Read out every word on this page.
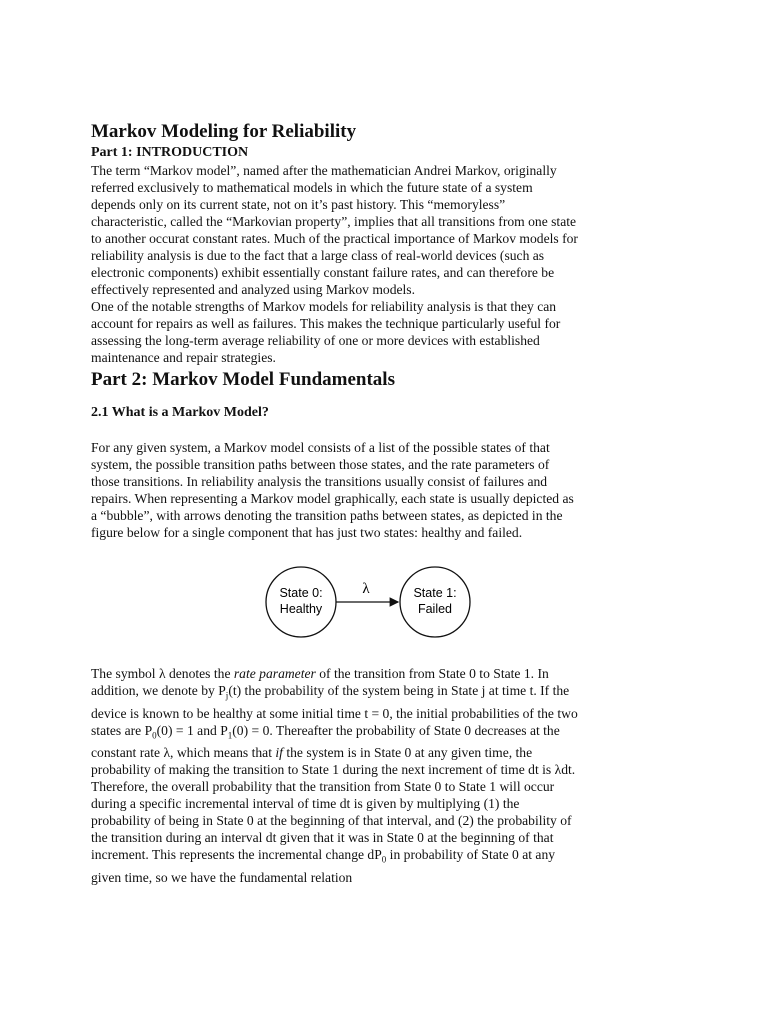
Markov Modeling for Reliability
Part 1: INTRODUCTION

The term “Markov model”, named after the mathematician Andrei Markov, originally

referred exclusively to mathematical models in which the future state of a system

depends only on its current state, not on it’s past history. This “memoryless”

characteristic, called the “Markovian property”, implies that all transitions from one state

to another occurat constant rates. Much of the practical importance of Markov models for

reliability analysis is due to the fact that a large class of real-world devices (such as

electronic components) exhibit essentially constant failure rates, and can therefore be

effectively represented and analyzed using Markov models.

One of the notable strengths of Markov models for reliability analysis is that they can

account for repairs as well as failures. This makes the technique particularly useful for

assessing the long-term average reliability of one or more devices with established

maintenance and repair strategies.

Part 2: Markov Model Fundamentals
2.1 What is a Markov Model?

For any given system, a Markov model consists of a list of the possible states of that

system, the possible transition paths between those states, and the rate parameters of

those transitions. In reliability analysis the transitions usually consist of failures and

repairs. When representing a Markov model graphically, each state is usually depicted as

a “bubble”, with arrows denoting the transition paths between states, as depicted in the

figure below for a single component that has just two states: healthy and failed.

State 0:
Healthy
λ	State 1:
Failed

The symbol λ denotes the rate parameter of the transition from State 0 to State 1. In

addition, we denote by $P_j(t)$ the probability of the system being in State j at time t. If the

device is known to be healthy at some initial time t = 0, the initial probabilities of the two

states are $P_0(0) = 1$ and $P_1(0) = 0$. Thereafter the probability of State 0 decreases at the

constant rate λ, which means that if the system is in State 0 at any given time, the

probability of making the transition to State 1 during the next increment of time dt is λdt.

Therefore, the overall probability that the transition from State 0 to State 1 will occur

during a specific incremental interval of time dt is given by multiplying (1) the

probability of being in State 0 at the beginning of that interval, and (2) the probability of

the transition during an interval dt given that it was in State 0 at the beginning of that

increment. This represents the incremental change $dP_0$ in probability of State 0 at any

given time, so we have the fundamental relation
